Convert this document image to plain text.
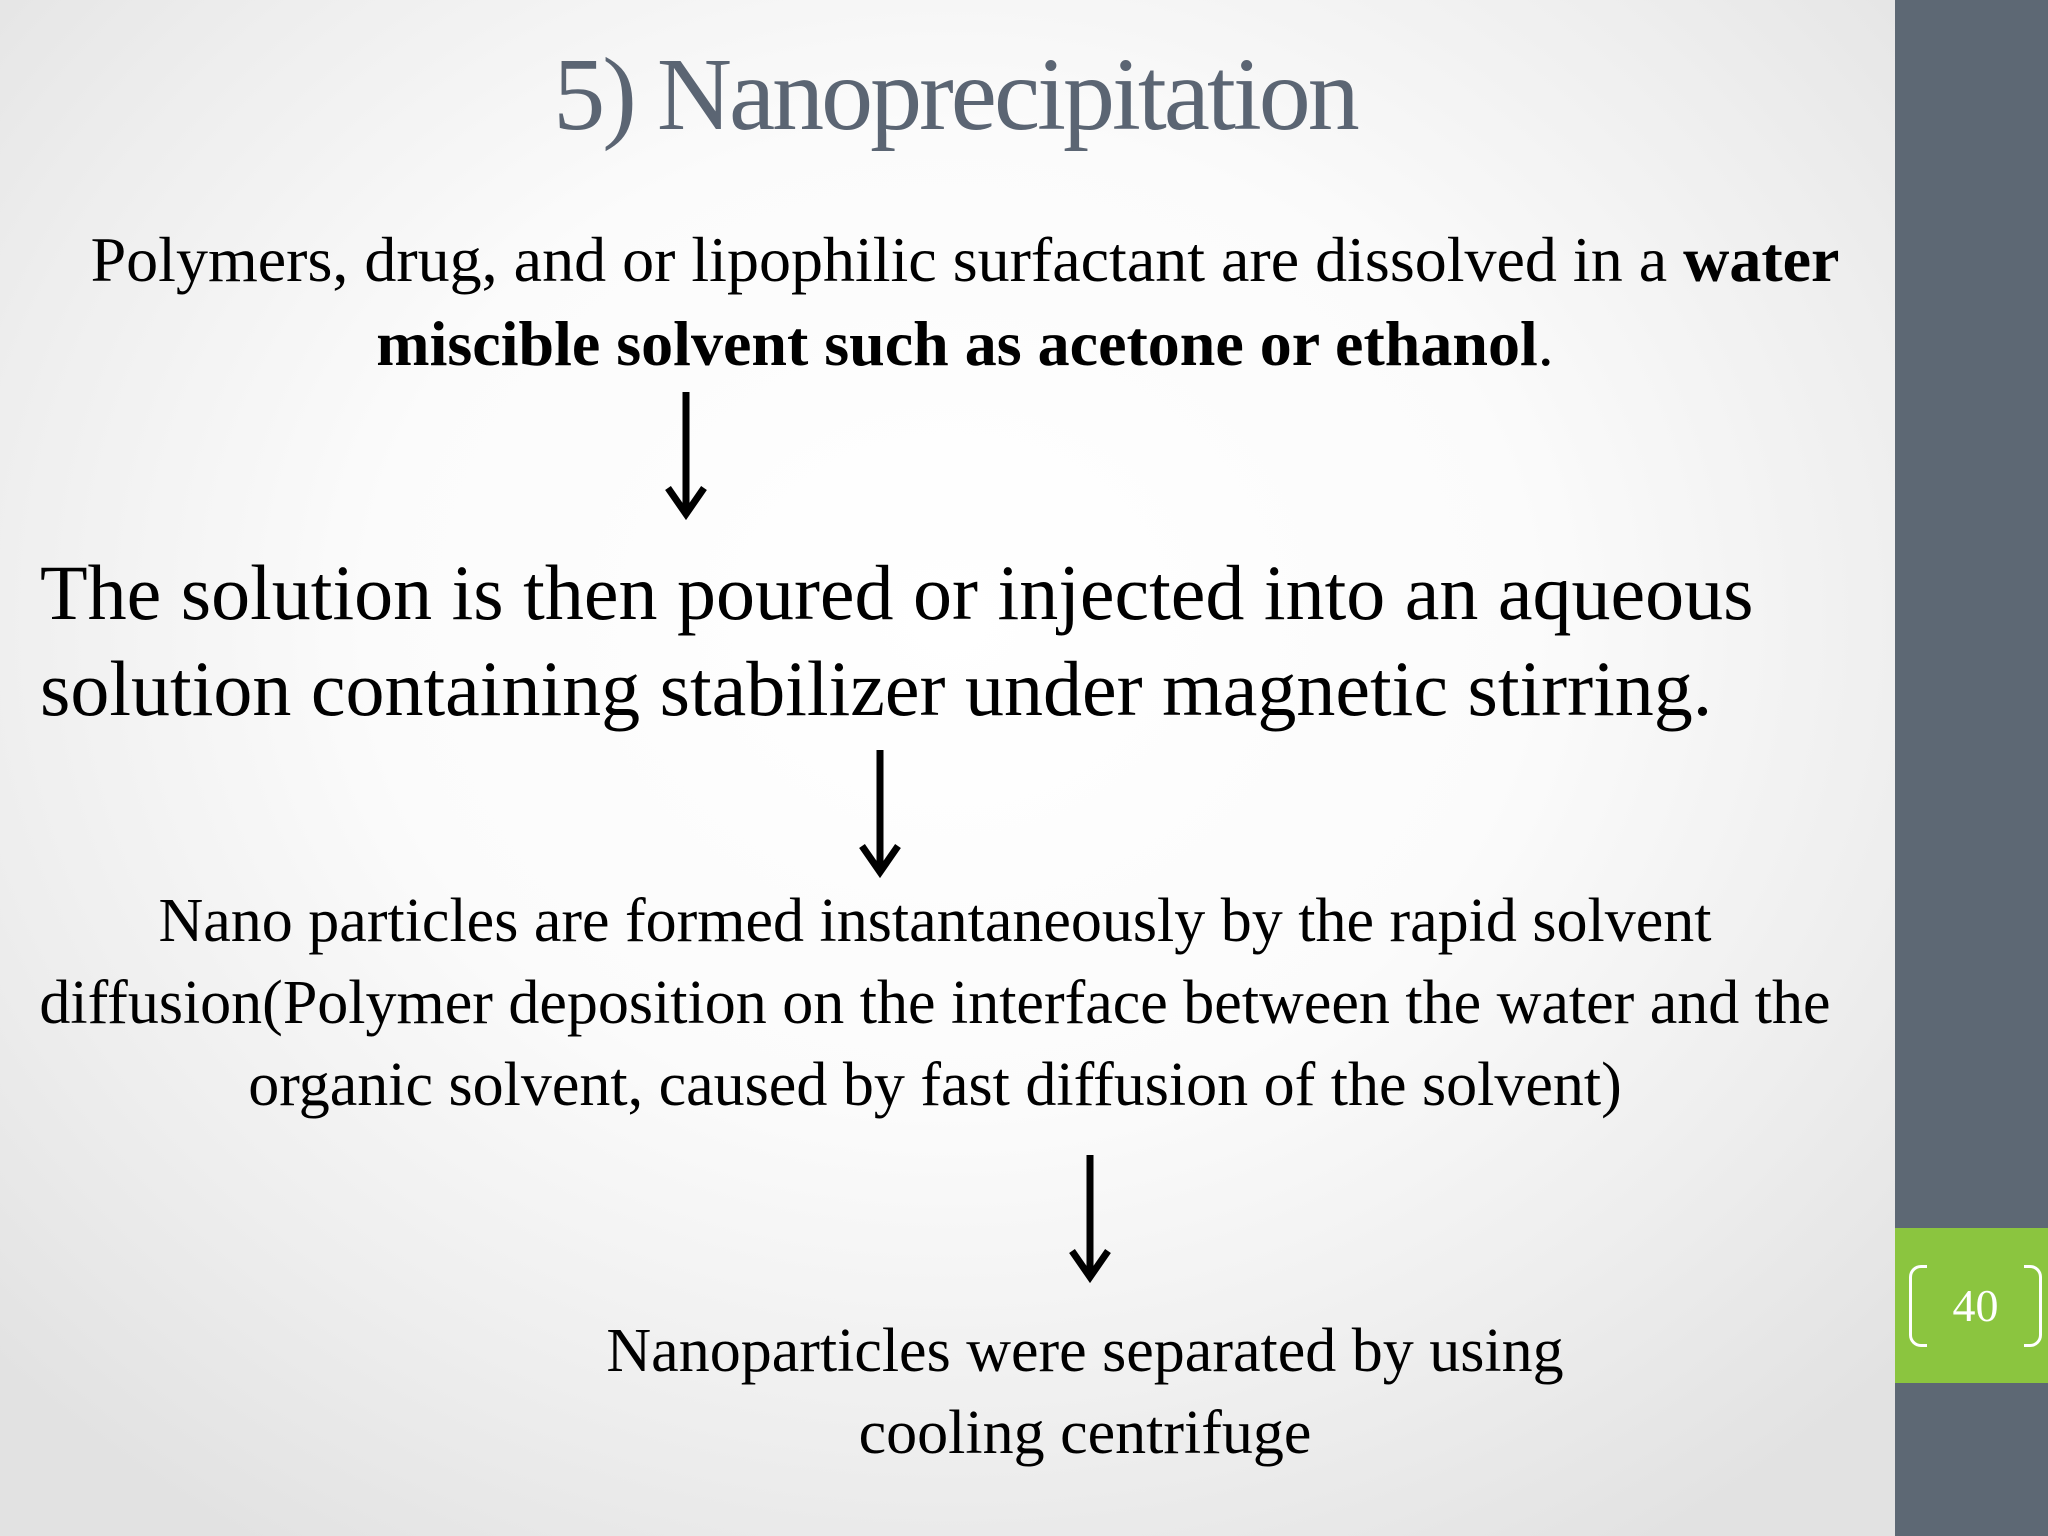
5) Nanoprecipitation

Polymers, drug, and or lipophilic surfactant are dissolved in a water miscible solvent such as acetone or ethanol.

The solution is then poured or injected into an aqueous solution containing stabilizer under magnetic stirring.

Nano particles are formed instantaneously by the rapid solvent diffusion(Polymer deposition on the interface between the water and the organic solvent, caused by fast diffusion of the solvent)

Nanoparticles were separated by using cooling centrifuge

40
